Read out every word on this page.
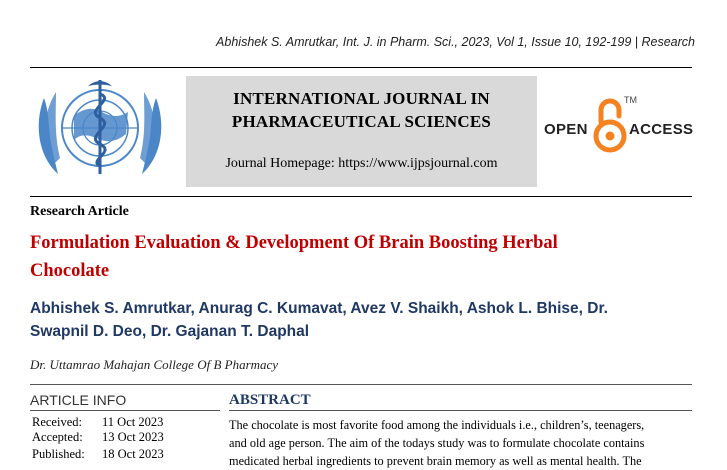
Abhishek S. Amrutkar, Int. J. in Pharm. Sci., 2023, Vol 1, Issue 10, 192-199 | Research
INTERNATIONAL JOURNAL IN
PHARMACEUTICAL SCIENCES
Journal Homepage: https://www.ijpsjournal.com
OPEN
TM
ACCESS
Research Article
Formulation Evaluation & Development Of Brain Boosting Herbal
Chocolate
Abhishek S. Amrutkar, Anurag C. Kumavat, Avez V. Shaikh, Ashok L. Bhise, Dr.
Swapnil D. Deo, Dr. Gajanan T. Daphal
Dr. Uttamrao Mahajan College Of B Pharmacy
ARTICLE INFO
Received: 11 Oct 2023
Accepted: 13 Oct 2023
Published: 18 Oct 2023
ABSTRACT
The chocolate is most favorite food among the individuals i.e., children’s, teenagers,
and old age person. The aim of the todays study was to formulate chocolate contains
medicated herbal ingredients to prevent brain memory as well as mental health. The
